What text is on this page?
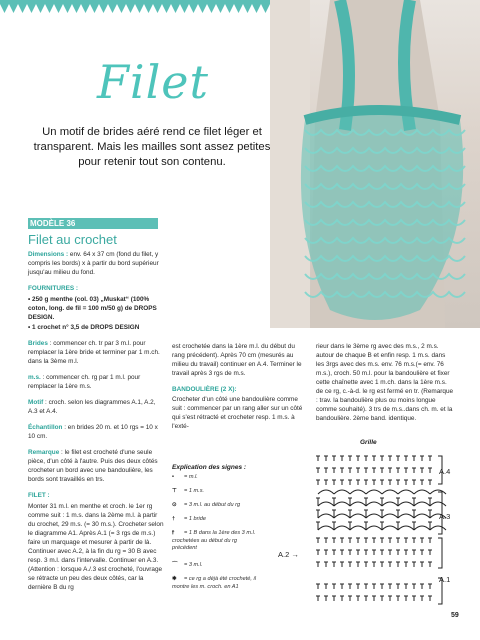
Filet
Un motif de brides aéré rend ce filet léger et transparent. Mais les mailles sont assez petites pour retenir tout son contenu.
MODÈLE 36
Filet au crochet

Dimensions : env. 64 x 37 cm (fond du filet, y compris les bords) x à partir du bord supérieur jusqu'au milieu du fond.

FOURNITURES :

• 250 g menthe (col. 03) „Muskat“ (100% coton, long. de fil = 100 m/50 g) de DROPS DESIGN.

• 1 crochet n° 3,5 de DROPS DESIGN

Brides : commencer ch. tr par 3 m.l. pour remplacer la 1ère bride et terminer par 1 m.ch. dans la 3ème m.l.

m.s. : commencer ch. rg par 1 m.l. pour remplacer la 1ère m.s.

Motif : croch. selon les diagrammes A.1, A.2, A.3 et A.4.

Échantillon : en brides 20 m. et 10 rgs = 10 x 10 cm.

Remarque : le filet est crocheté d'une seule pièce, d'un côté à l'autre. Puis des deux côtés crocheter un bord avec une bandoulière, les bords sont travaillés en trs.

FILET :

Monter 31 m.l. en menthe et croch. le 1er rg comme suit : 1 m.s. dans la 2ème m.l. à partir du crochet, 29 m.s. (= 30 m.s.). Crocheter selon le diagramme A1. Après A.1 (= 3 rgs de m.s.) faire un marquage et mesurer à partir de là. Continuer avec A.2, à la fin du rg = 30 B avec resp. 3 m.l. dans l'intervalle. Continuer en A.3. (Attention : lorsque A./.3 est crocheté, l'ouvrage se rétracte un peu des deux côtés, car la dernière B du rg

est crochetée dans la 1ère m.l. du début du rang précédent). Après 70 cm (mesurés au milieu du travail) continuer en A.4. Terminer le travail après 3 rgs de m.s.

BANDOULIÈRE (2 X):

Crocheter d'un côté une bandoulière comme suit : commencer par un rang aller sur un côté qui s'est rétracté et crocheter resp. 1 m.s. à l'exté-

rieur dans le 3ème rg avec des m.s., 2 m.s. autour de chaque B et enfin resp. 1 m.s. dans les 3rgs avec des m.s. env. 76 m.s.(= env. 76 m.s.), croch. 50 m.l. pour la bandoulière et fixer cette chaînette avec 1 m.ch. dans la 1ère m.s. de ce rg, c.-à-d. le rg est fermé en tr. (Remarque : trav. la bandoulière plus ou moins longue comme souhaité). 3 trs de m.s..dans ch. m. et la bandoulière. 2ème band. identique.

Explication des signes :
• = m.l.
⊤ = 1 m.s.
⊙ = 3 m.l. au début du rg
† = 1 bride
⫯ = 1 B dans la 1ère des 3 m.l. crochetées au début du rg précédent
⌒ = 3 m.l.
✱ = ce rg a déjà été crocheté, il montre les m. croch. en A1
Grille
A.4
A.3
A.2 →
A.1
59
